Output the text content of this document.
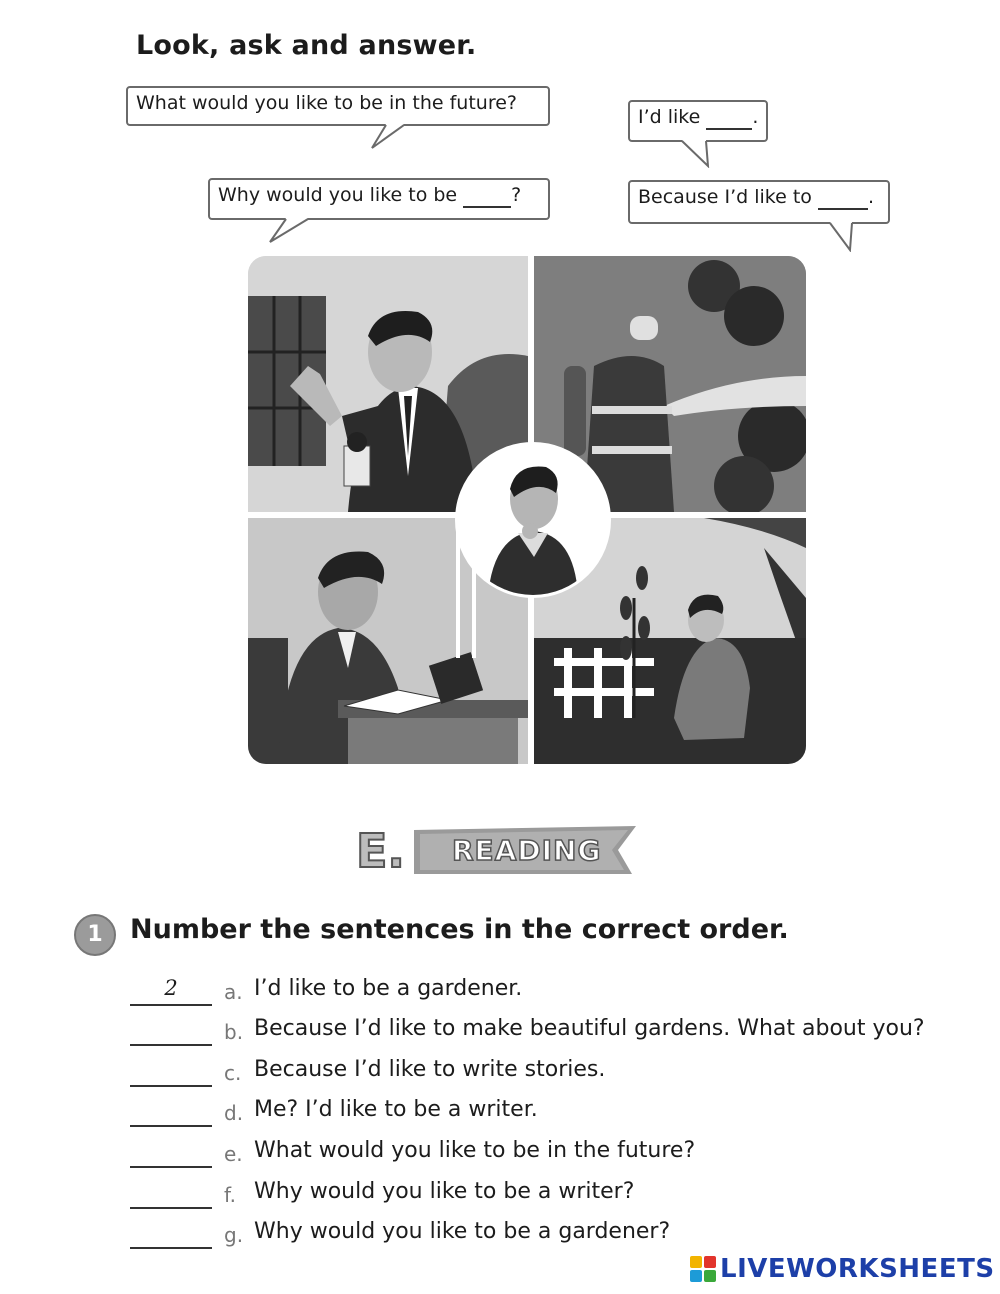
Look, ask and answer.
What would you like to be in the future?
I’d like .
Why would you like to be	?	Because I’d like to	.
E. READING
1	Number the sentences in the correct order.
2	a. I’d like to be a gardener.
b. Because I’d like to make beautiful gardens. What about you?
c. Because I’d like to write stories.
d. Me? I’d like to be a writer.
e. What would you like to be in the future?
f. Why would you like to be a writer?
g. Why would you like to be a gardener?
LIVEWORKSHEETS
